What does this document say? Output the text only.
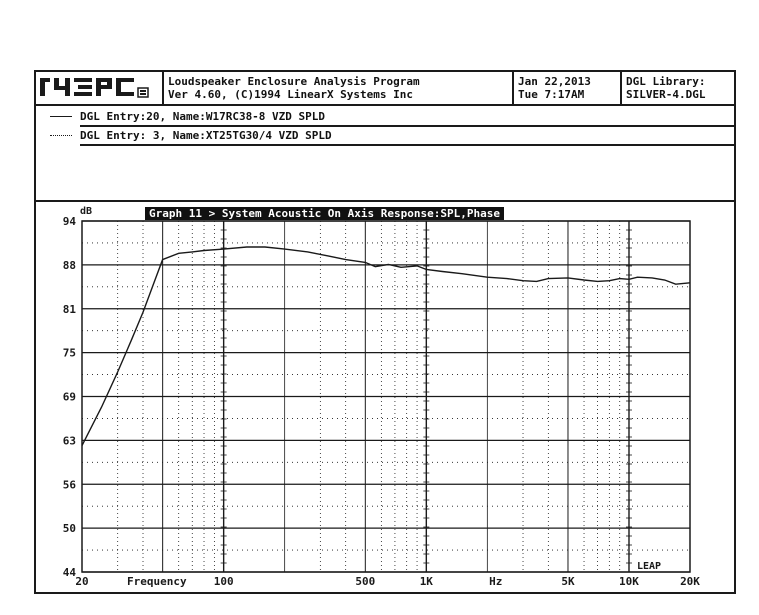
Loudspeaker Enclosure Analysis Program
Ver 4.60, (C)1994 LinearX Systems Inc
Jan 22,2013
Tue 7:17AM
DGL Library:
SILVER-4.DGL
DGL Entry:20, Name:W17RC38-8 VZD SPLD
DGL Entry: 3, Name:XT25TG30/4 VZD SPLD
Graph 11 > System Acoustic On Axis Response:SPL,Phase
dB
94
88
81
75
69
63
56
50
44
20	100	500	1K	5K	10K	20K
Frequency	Hz
LEAP
